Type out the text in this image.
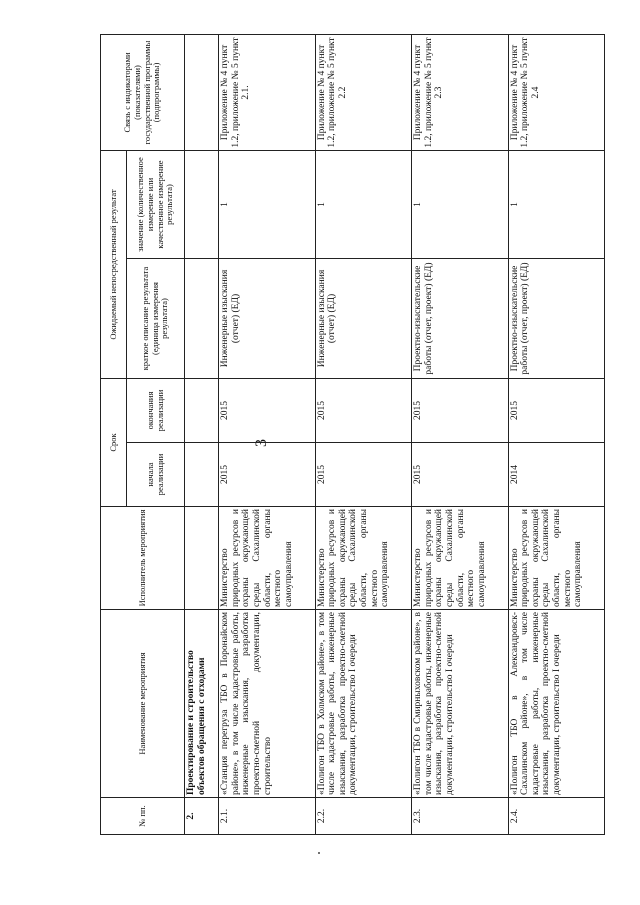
3
№ пп.	Наименование мероприятия	Исполнитель мероприятия	Срок		Ожидаемый непосредственный результат		Связь с индикаторами (показателями) государственной программы (подпрограммы)
			начала реализации	окончания реализации	краткое описание результата (единица измерения результата)	значение (количественное измерение или качественное измерение результата)	
2.	Проектирование и строительство объектов обращения с отходами						
2.1.	«Станция перегруза ТБО в Поронайском районе», в том числе кадастровые работы, инженерные изыскания, разработка проектно-сметной документации, строительство	Министерство природных ресурсов и охраны окружающей среды Сахалинской области, органы местного самоуправления	2015	2015	Инженерные изыскания (отчет) (ЕД)	1	Приложение № 4 пункт 1.2, приложение № 5 пункт 2.1.
2.2.	«Полигон ТБО в Холмском районе», в том числе кадастровые работы, инженерные изыскания, разработка проектно-сметной документации, строительство I очереди	Министерство природных ресурсов и охраны окружающей среды Сахалинской области, органы местного самоуправления	2015	2015	Инженерные изыскания (отчет) (ЕД)	1	Приложение № 4 пункт 1.2, приложение № 5 пункт 2.2
2.3.	«Полигон ТБО в Смирныховском районе», в том числе кадастровые работы, инженерные изыскания, разработка проектно-сметной документации, строительство I очереди	Министерство природных ресурсов и охраны окружающей среды Сахалинской области, органы местного самоуправления	2015	2015	Проектно-изыскательские работы (отчет, проект) (ЕД)	1	Приложение № 4 пункт 1.2, приложение № 5 пункт 2.3
2.4.	«Полигон ТБО в Александровск-Сахалинском районе», в том числе кадастровые работы, инженерные изыскания, разработка проектно-сметной документации, строительство I очереди	Министерство природных ресурсов и охраны окружающей среды Сахалинской области, органы местного самоуправления	2014	2015	Проектно-изыскательские работы (отчет, проект) (ЕД)	1	Приложение № 4 пункт 1.2, приложение № 5 пункт 2.4
